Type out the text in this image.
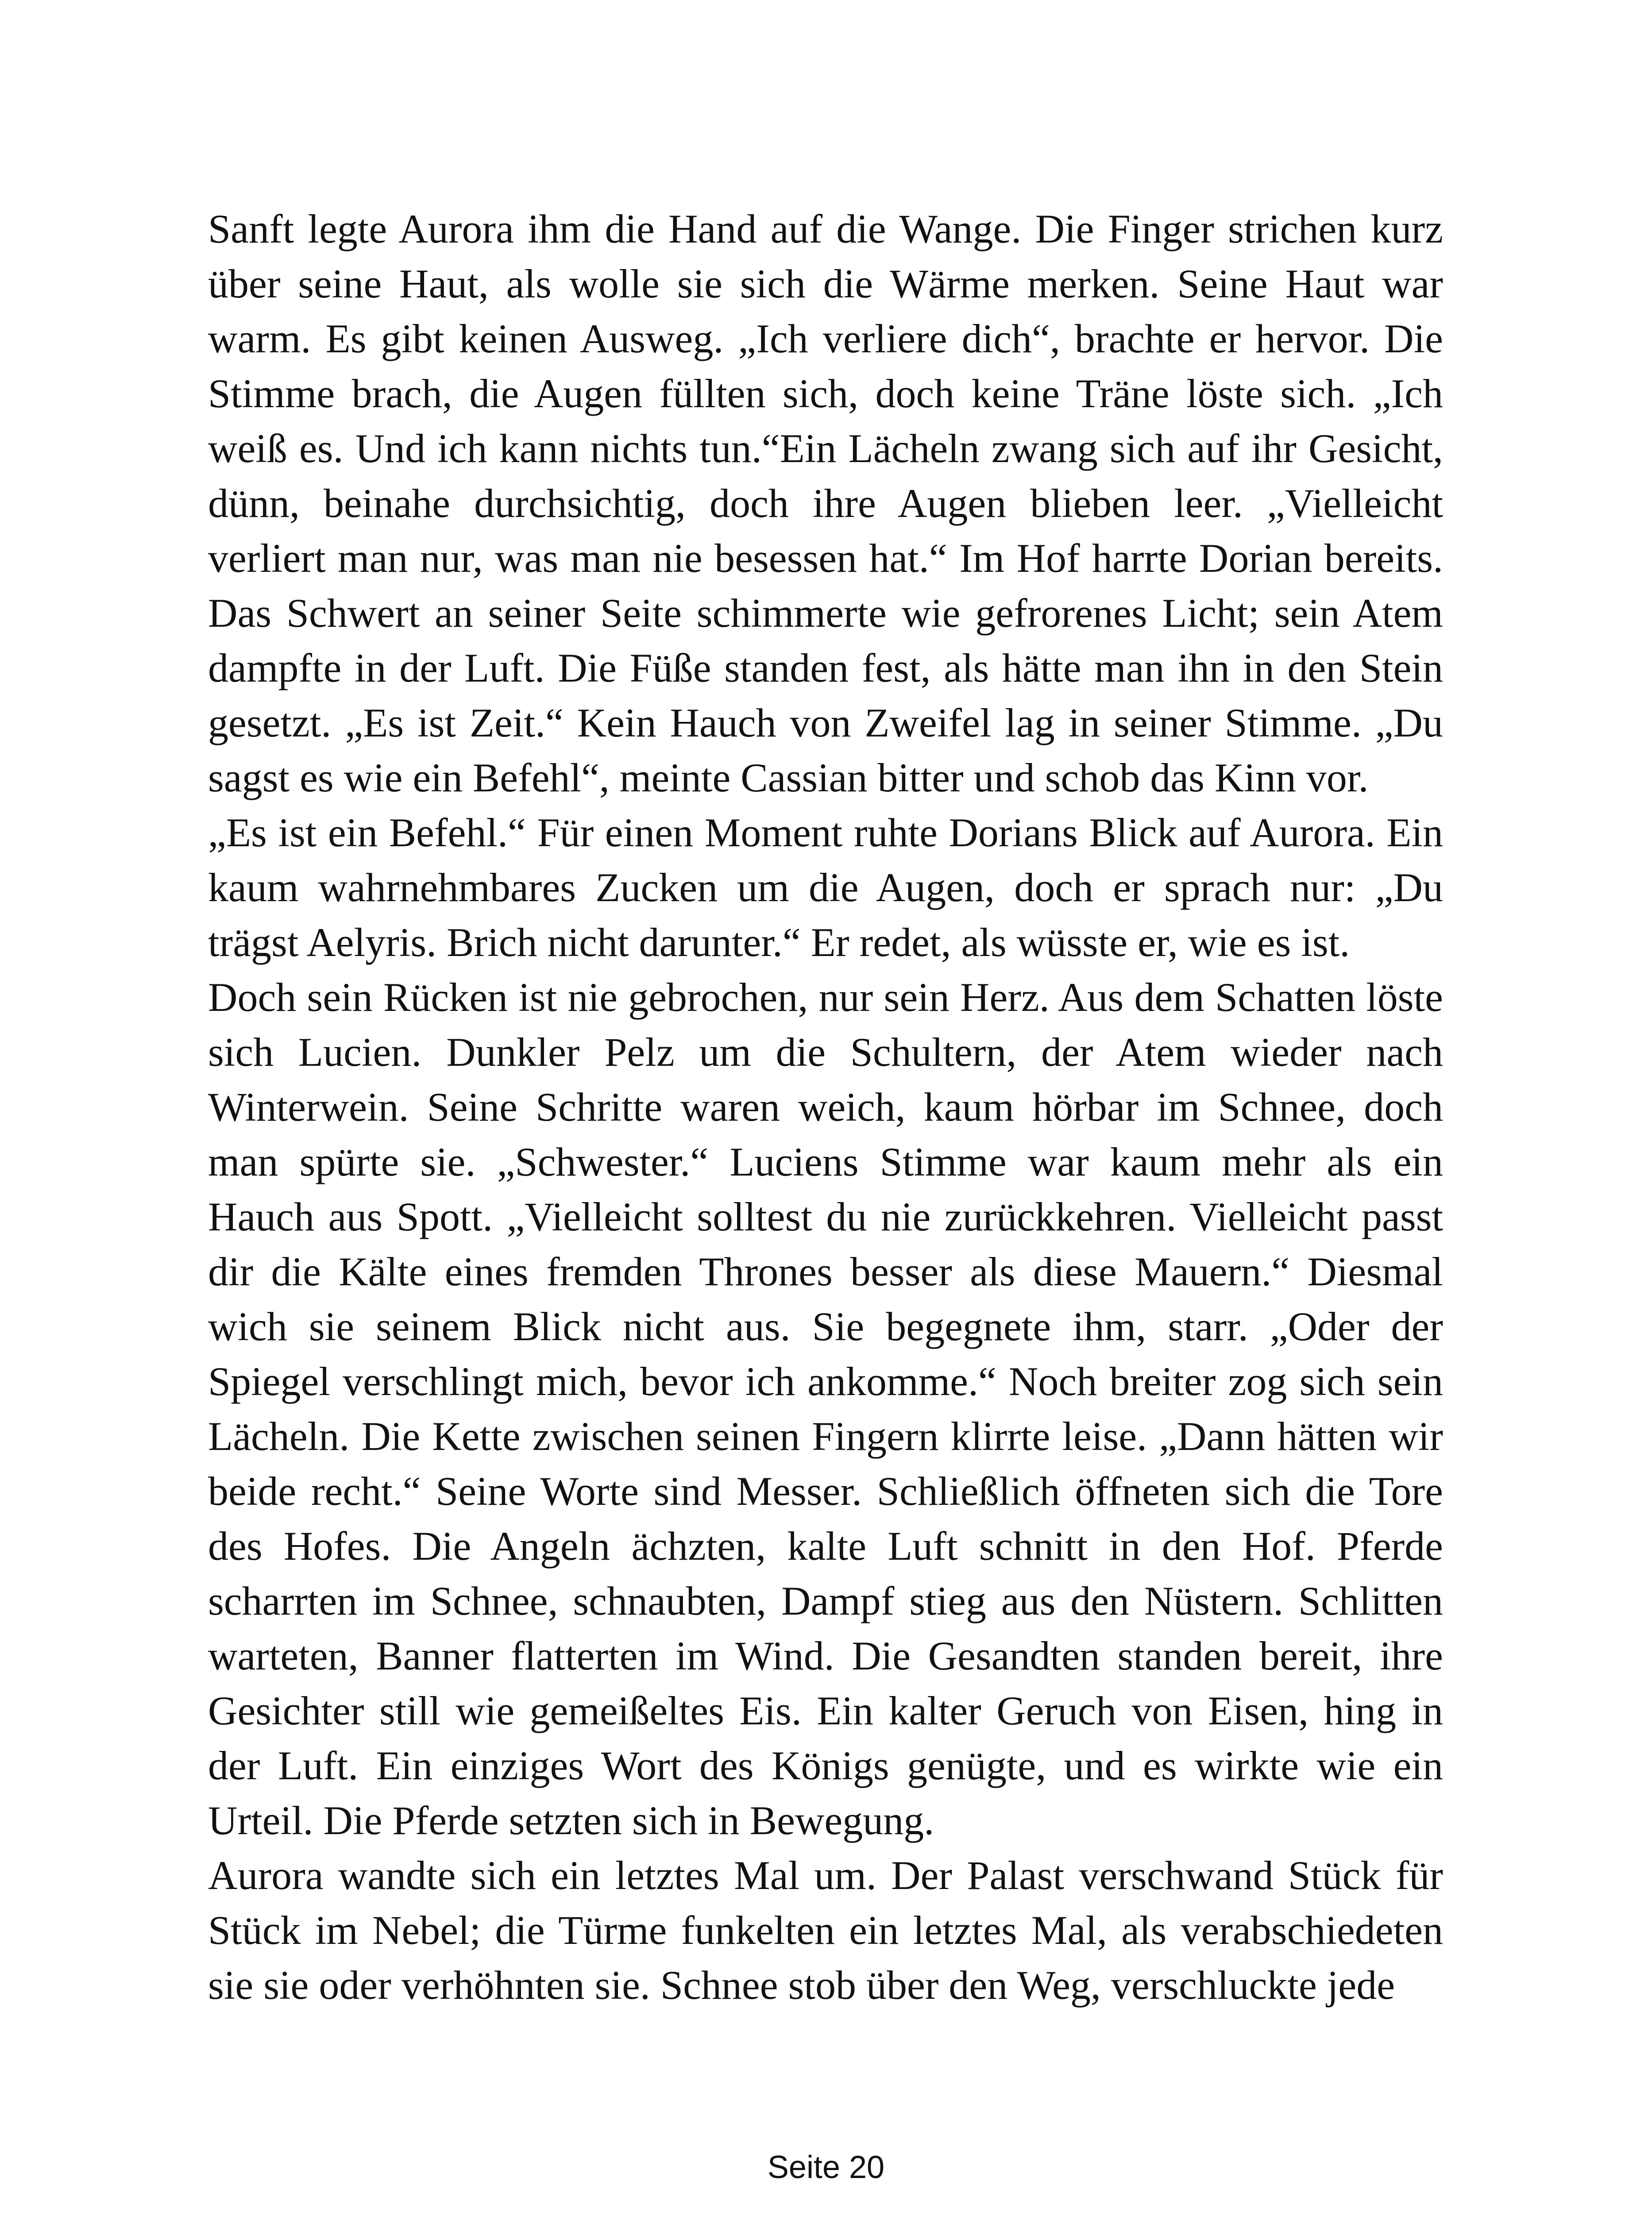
Sanft legte Aurora ihm die Hand auf die Wange. Die Finger strichen kurz über seine Haut, als wolle sie sich die Wärme merken. Seine Haut war warm. Es gibt keinen Ausweg. „Ich verliere dich“, brachte er hervor. Die Stimme brach, die Augen füllten sich, doch keine Träne löste sich. „Ich weiß es. Und ich kann nichts tun.“Ein Lächeln zwang sich auf ihr Gesicht, dünn, beinahe durchsichtig, doch ihre Augen blieben leer. „Vielleicht verliert man nur, was man nie besessen hat.“ Im Hof harrte Dorian bereits. Das Schwert an seiner Seite schimmerte wie gefrorenes Licht; sein Atem dampfte in der Luft. Die Füße standen fest, als hätte man ihn in den Stein gesetzt. „Es ist Zeit.“ Kein Hauch von Zweifel lag in seiner Stimme. „Du sagst es wie ein Befehl“, meinte Cassian bitter und schob das Kinn vor.

„Es ist ein Befehl.“ Für einen Moment ruhte Dorians Blick auf Aurora. Ein kaum wahrnehmbares Zucken um die Augen, doch er sprach nur: „Du trägst Aelyris. Brich nicht darunter.“ Er redet, als wüsste er, wie es ist.

Doch sein Rücken ist nie gebrochen, nur sein Herz. Aus dem Schatten löste sich Lucien. Dunkler Pelz um die Schultern, der Atem wieder nach Winterwein. Seine Schritte waren weich, kaum hörbar im Schnee, doch man spürte sie. „Schwester.“ Luciens Stimme war kaum mehr als ein Hauch aus Spott. „Vielleicht solltest du nie zurückkehren. Vielleicht passt dir die Kälte eines fremden Thrones besser als diese Mauern.“ Diesmal wich sie seinem Blick nicht aus. Sie begegnete ihm, starr. „Oder der Spiegel verschlingt mich, bevor ich ankomme.“ Noch breiter zog sich sein Lächeln. Die Kette zwischen seinen Fingern klirrte leise. „Dann hätten wir beide recht.“ Seine Worte sind Messer. Schließlich öffneten sich die Tore des Hofes. Die Angeln ächzten, kalte Luft schnitt in den Hof. Pferde scharrten im Schnee, schnaubten, Dampf stieg aus den Nüstern. Schlitten warteten, Banner flatterten im Wind. Die Gesandten standen bereit, ihre Gesichter still wie gemeißeltes Eis. Ein kalter Geruch von Eisen, hing in der Luft. Ein einziges Wort des Königs genügte, und es wirkte wie ein Urteil. Die Pferde setzten sich in Bewegung.

Aurora wandte sich ein letztes Mal um. Der Palast verschwand Stück für Stück im Nebel; die Türme funkelten ein letztes Mal, als verabschiedeten sie sie oder verhöhnten sie. Schnee stob über den Weg, verschluckte jede

Seite 20
